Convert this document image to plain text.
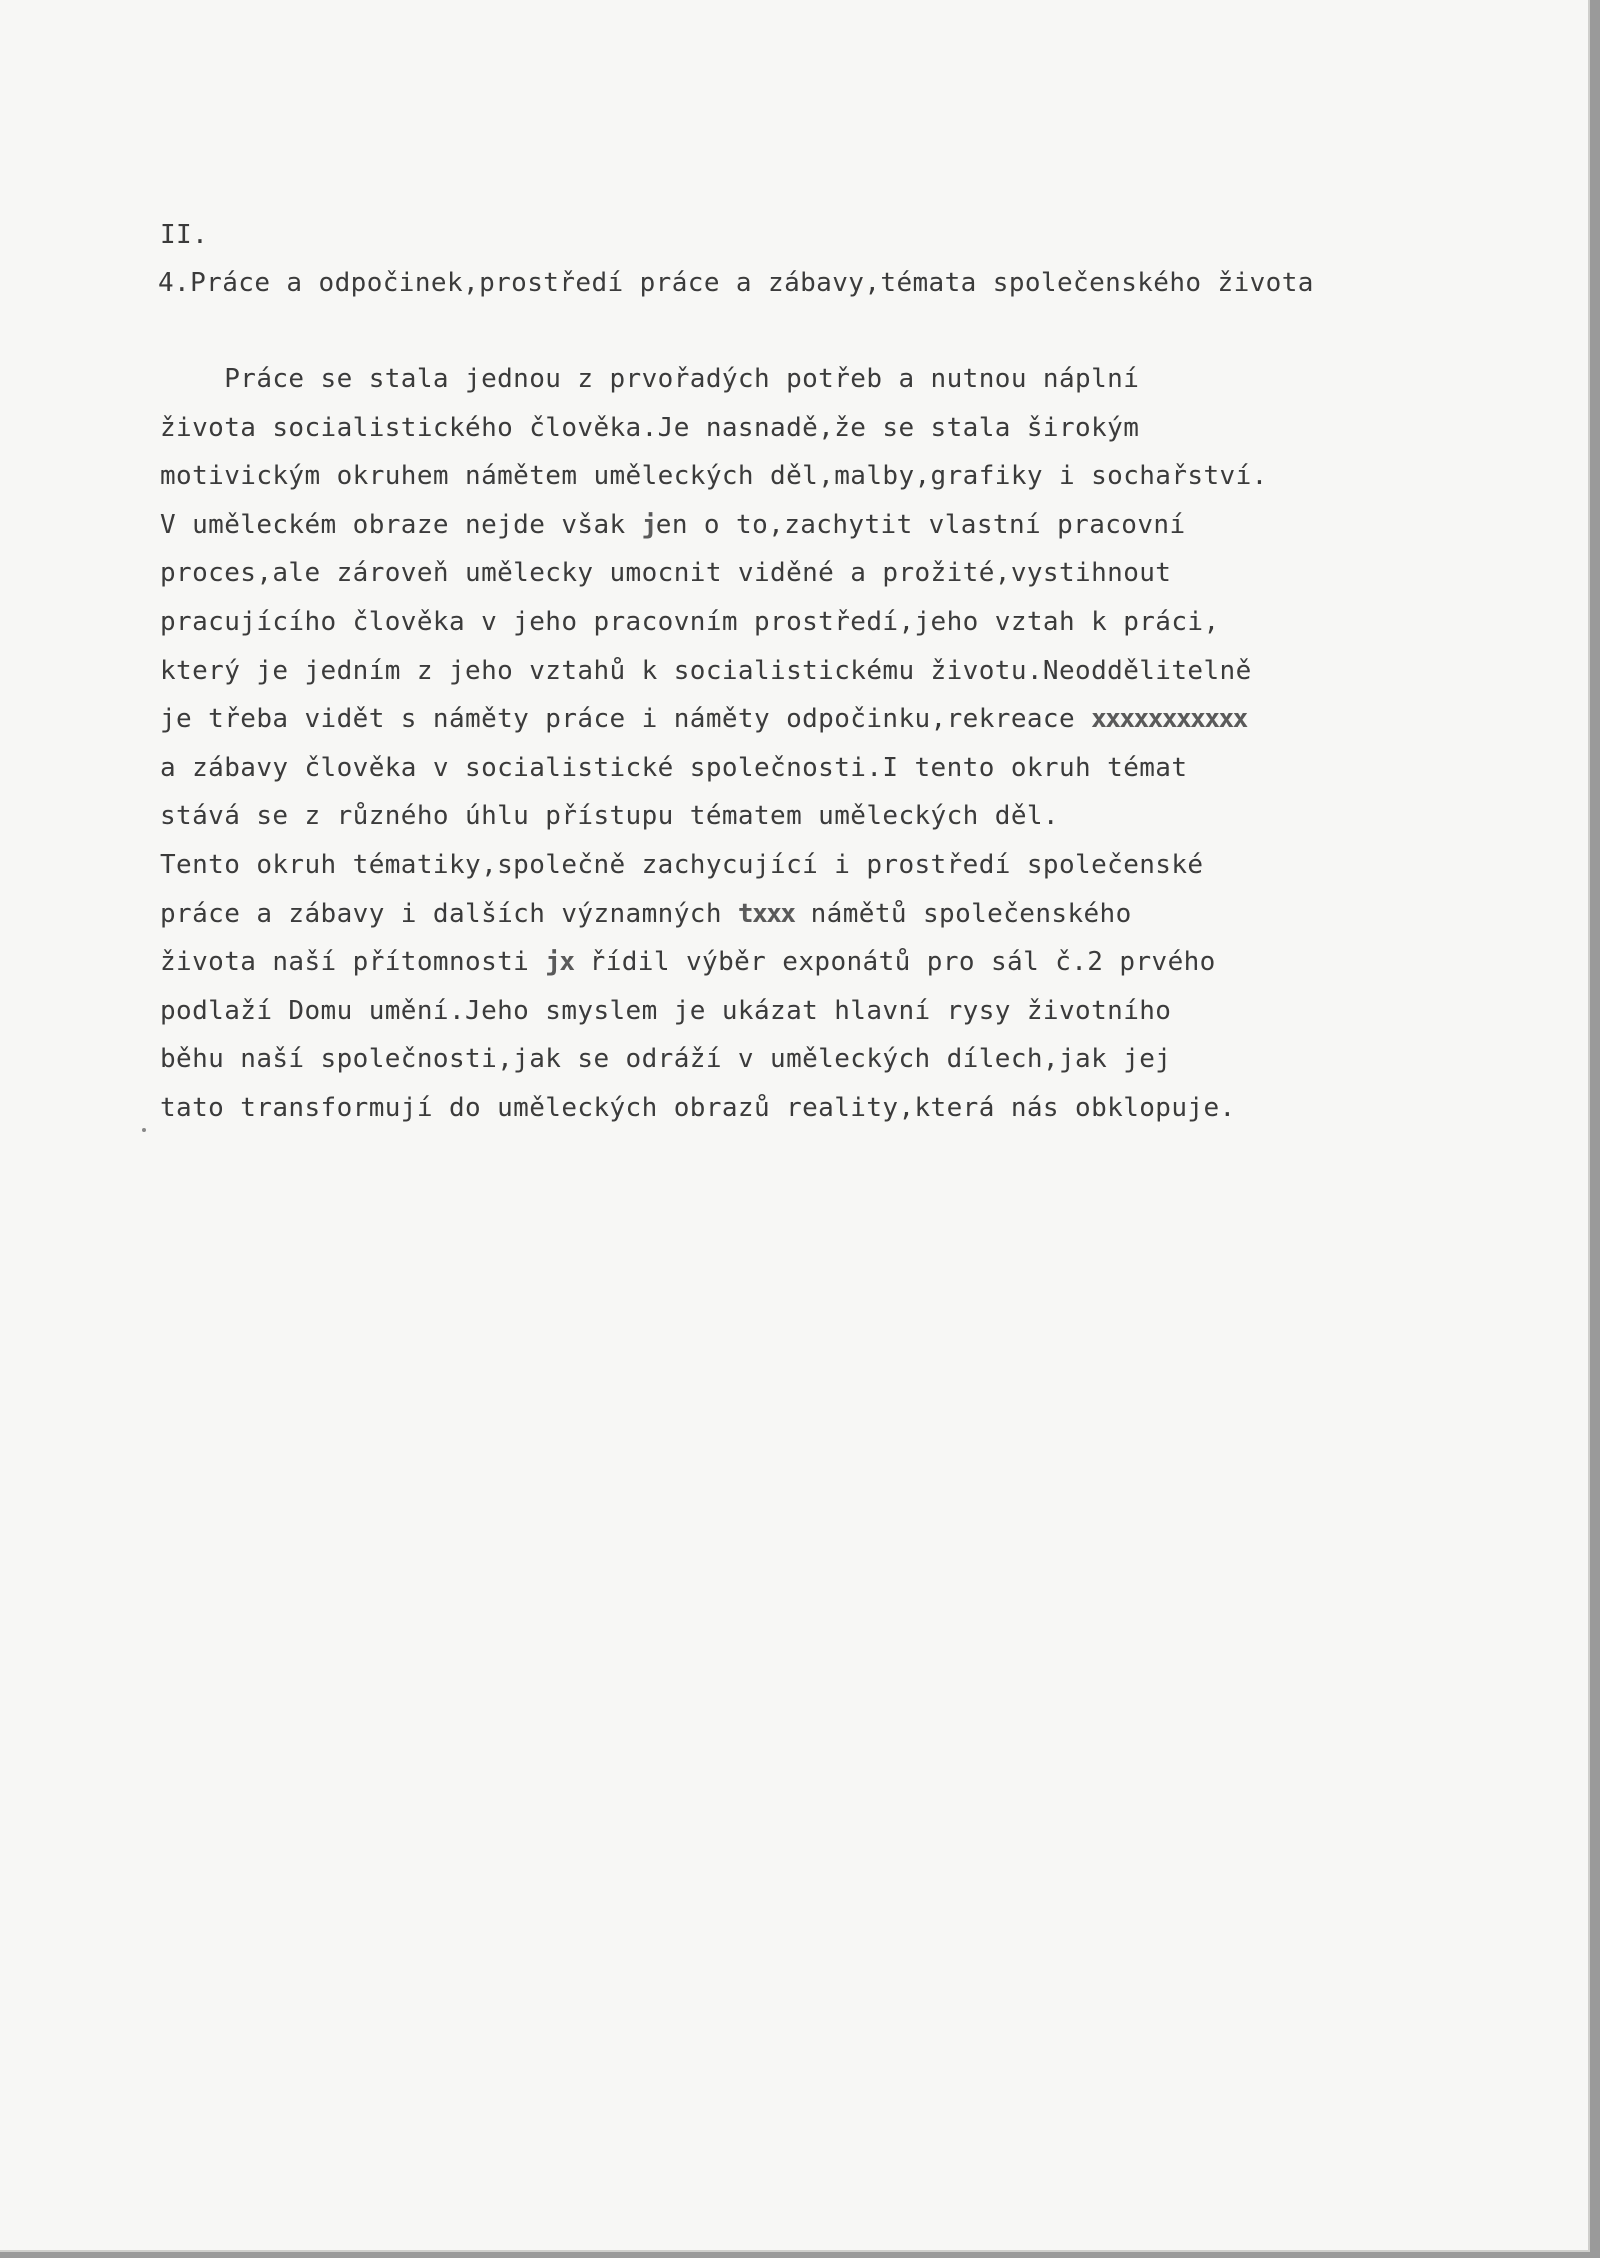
II.
4.Práce a odpočinek,prostředí práce a zábavy,témata společenského života
Práce se stala jednou z prvořadých potřeb a nutnou náplní
života socialistického člověka.Je nasnadě,že se stala širokým
motivickým okruhem námětem uměleckých děl,malby,grafiky i sochařství.
V uměleckém obraze nejde však jen o to,zachytit vlastní pracovní
proces,ale zároveň umělecky umocnit viděné a prožité,vystihnout
pracujícího člověka v jeho pracovním prostředí,jeho vztah k práci,
který je jedním z jeho vztahů k socialistickému životu.Neoddělitelně
je třeba vidět s náměty práce i náměty odpočinku,rekreace xxxxxxxxxxx
a zábavy člověka v socialistické společnosti.I tento okruh témat
stává se z různého úhlu přístupu tématem uměleckých děl.
Tento okruh tématiky,společně zachycující i prostředí společenské
práce a zábavy i dalších významných txxx námětů společenského
života naší přítomnosti jx řídil výběr exponátů pro sál č.2 prvého
podlaží Domu umění.Jeho smyslem je ukázat hlavní rysy životního
běhu naší společnosti,jak se odráží v uměleckých dílech,jak jej
tato transformují do uměleckých obrazů reality,která nás obklopuje.
